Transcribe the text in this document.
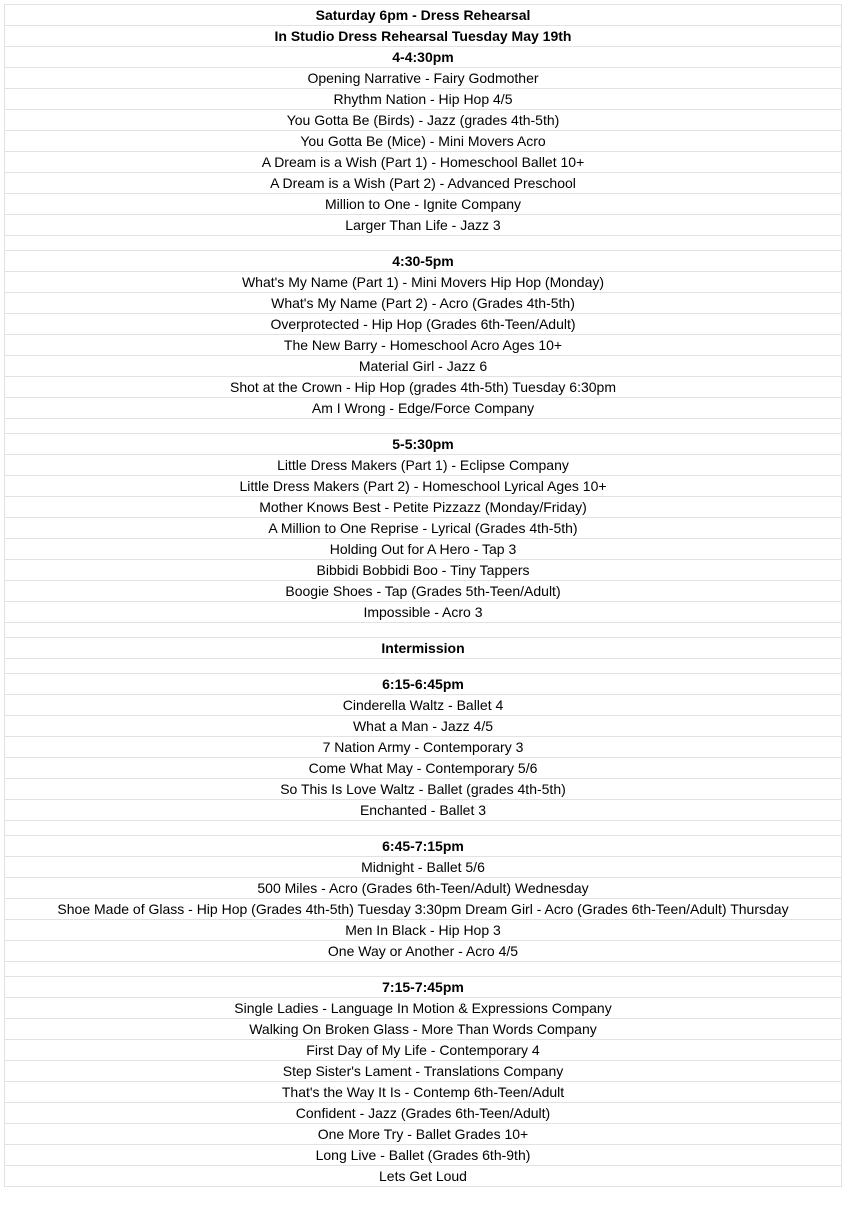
Saturday 6pm - Dress Rehearsal
In Studio Dress Rehearsal Tuesday May 19th
4-4:30pm
Opening Narrative - Fairy Godmother
Rhythm Nation - Hip Hop 4/5
You Gotta Be (Birds) - Jazz (grades 4th-5th)
You Gotta Be (Mice) - Mini Movers Acro
A Dream is a Wish (Part 1) - Homeschool Ballet 10+
A Dream is a Wish (Part 2) - Advanced Preschool
Million to One - Ignite Company
Larger Than Life - Jazz 3
4:30-5pm
What's My Name (Part 1) - Mini Movers Hip Hop (Monday)
What's My Name (Part 2) - Acro (Grades 4th-5th)
Overprotected - Hip Hop (Grades 6th-Teen/Adult)
The New Barry - Homeschool Acro Ages 10+
Material Girl - Jazz 6
Shot at the Crown - Hip Hop (grades 4th-5th) Tuesday 6:30pm
Am I Wrong - Edge/Force Company
5-5:30pm
Little Dress Makers (Part 1) - Eclipse Company
Little Dress Makers (Part 2) - Homeschool Lyrical Ages 10+
Mother Knows Best - Petite Pizzazz (Monday/Friday)
A Million to One Reprise - Lyrical (Grades 4th-5th)
Holding Out for A Hero - Tap 3
Bibbidi Bobbidi Boo - Tiny Tappers
Boogie Shoes - Tap (Grades 5th-Teen/Adult)
Impossible - Acro 3
Intermission
6:15-6:45pm
Cinderella Waltz - Ballet 4
What a Man - Jazz 4/5
7 Nation Army - Contemporary 3
Come What May - Contemporary 5/6
So This Is Love Waltz - Ballet (grades 4th-5th)
Enchanted - Ballet 3
6:45-7:15pm
Midnight - Ballet 5/6
500 Miles - Acro (Grades 6th-Teen/Adult) Wednesday
Shoe Made of Glass - Hip Hop (Grades 4th-5th) Tuesday 3:30pm Dream Girl - Acro (Grades 6th-Teen/Adult) Thursday
Men In Black - Hip Hop 3
One Way or Another - Acro 4/5
7:15-7:45pm
Single Ladies - Language In Motion & Expressions Company
Walking On Broken Glass - More Than Words Company
First Day of My Life - Contemporary 4
Step Sister's Lament - Translations Company
That's the Way It Is - Contemp 6th-Teen/Adult
Confident - Jazz (Grades 6th-Teen/Adult)
One More Try - Ballet Grades 10+
Long Live - Ballet (Grades 6th-9th)
Lets Get Loud
